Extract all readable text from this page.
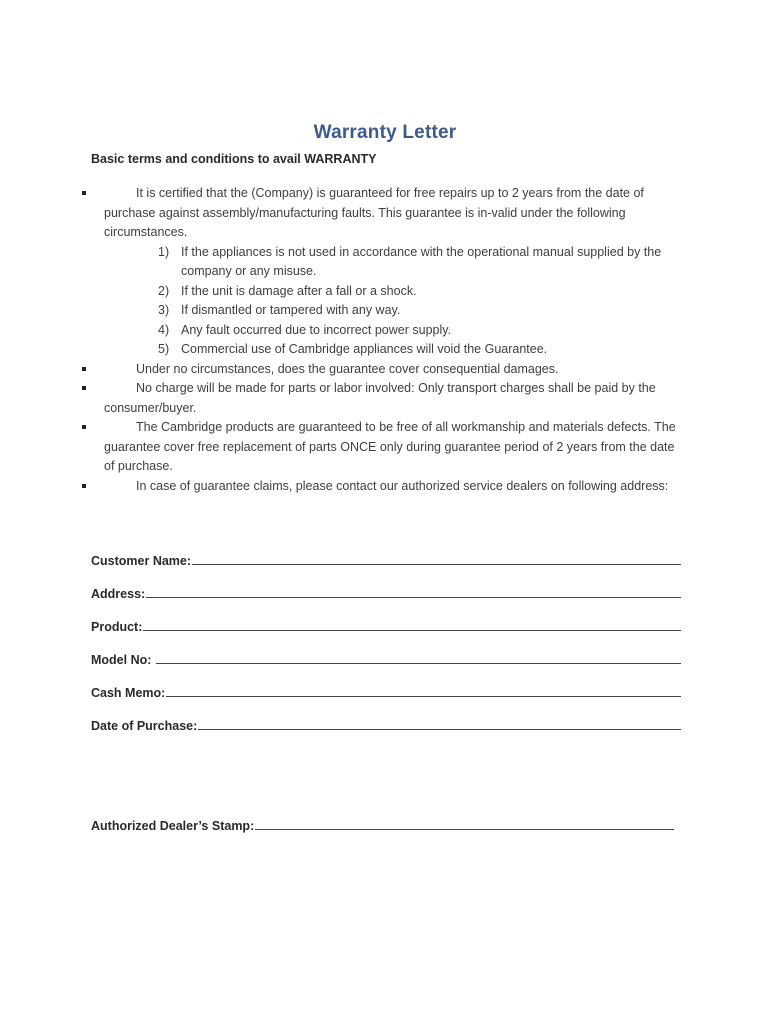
Warranty Letter
Basic terms and conditions to avail WARRANTY
It is certified that the (Company) is guaranteed for free repairs up to 2 years from the date of purchase against assembly/manufacturing faults. This guarantee is in-valid under the following circumstances.
1) If the appliances is not used in accordance with the operational manual supplied by the company or any misuse.
2) If the unit is damage after a fall or a shock.
3) If dismantled or tampered with any way.
4) Any fault occurred due to incorrect power supply.
5) Commercial use of Cambridge appliances will void the Guarantee.
Under no circumstances, does the guarantee cover consequential damages.
No charge will be made for parts or labor involved: Only transport charges shall be paid by the consumer/buyer.
The Cambridge products are guaranteed to be free of all workmanship and materials defects. The guarantee cover free replacement of parts ONCE only during guarantee period of 2 years from the date of purchase.
In case of guarantee claims, please contact our authorized service dealers on following address:
Customer Name:
Address:
Product:
Model No:
Cash Memo:
Date of Purchase:
Authorized Dealer’s Stamp:
